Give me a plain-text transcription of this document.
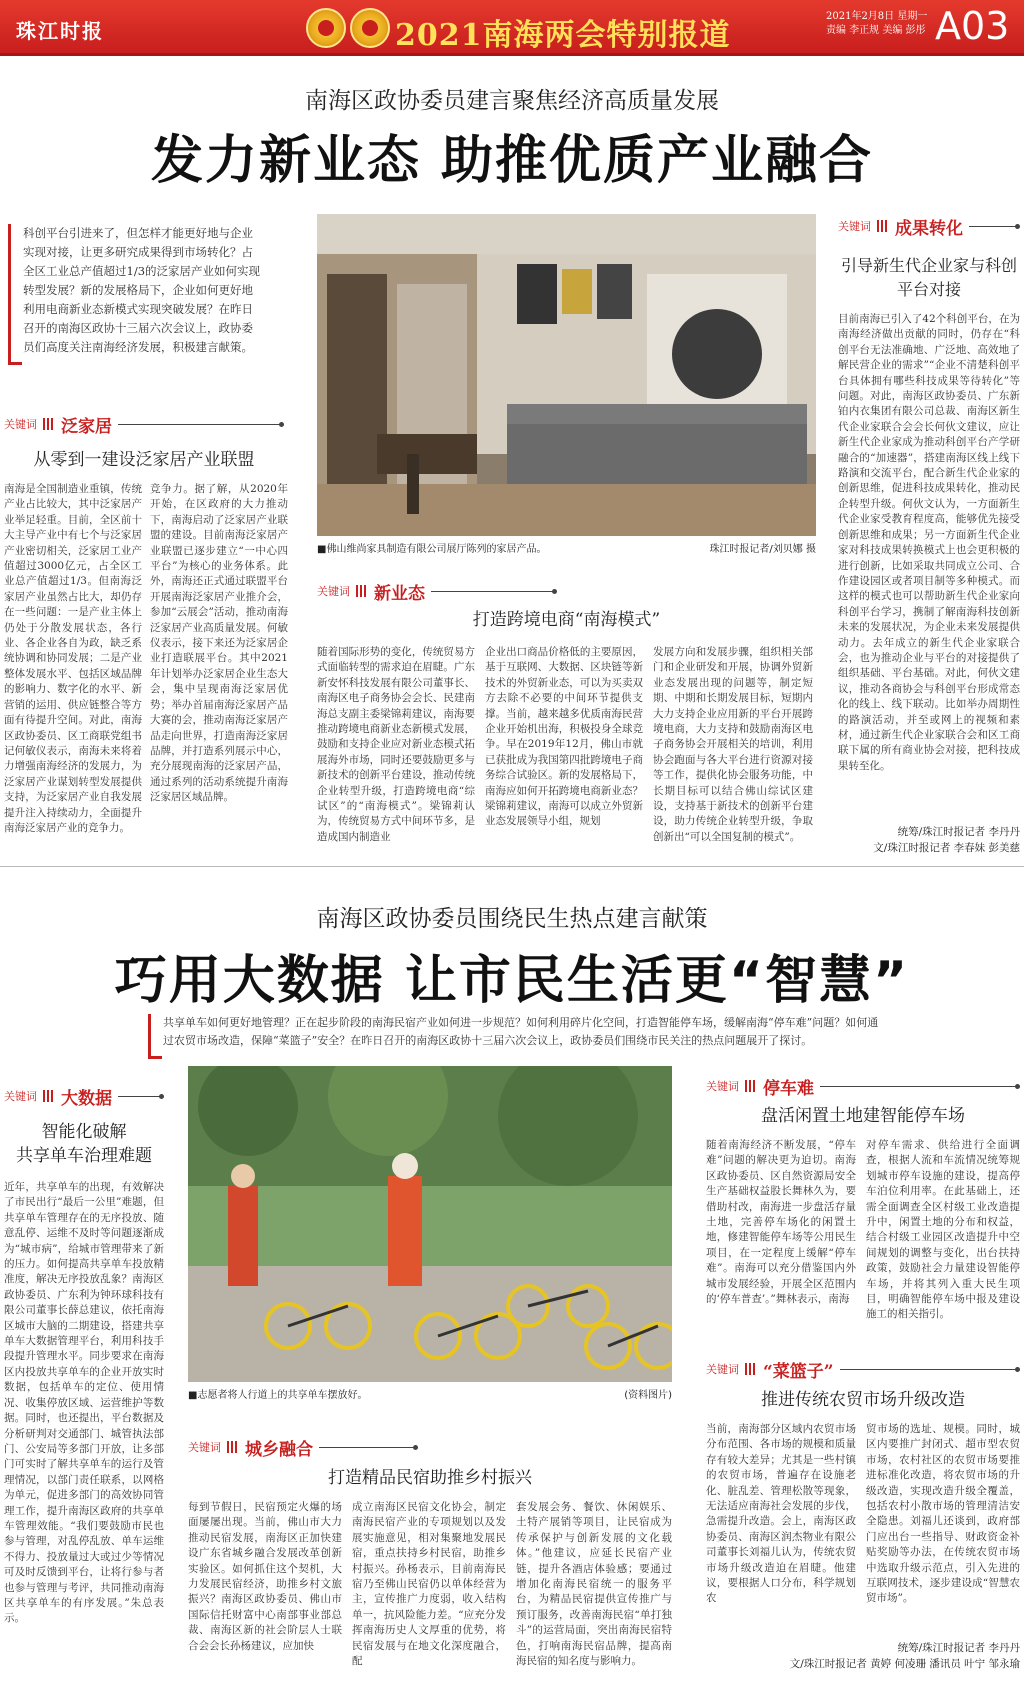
珠江时报	2021南海两会特别报道
2021年2月8日 星期一
责编 李正规 美编 彭彤 A03
南海区政协委员建言聚焦经济高质量发展
发力新业态 助推优质产业融合
科创平台引进来了，但怎样才能更好地与企业实现对接，让更多研究成果得到市场转化？占全区工业总产值超过1/3的泛家居产业如何实现转型发展？新的发展格局下，企业如何更好地利用电商新业态新模式实现突破发展？在昨日召开的南海区政协十三届六次会议上，政协委员们高度关注南海经济发展，积极建言献策。
■佛山维尚家具制造有限公司展厅陈列的家居产品。	珠江时报记者/刘贝娜 摄
关键词 泛家居
从零到一建设泛家居产业联盟
南海是全国制造业重镇，传统产业占比较大，其中泛家居产业举足轻重。目前，全区前十大主导产业中有七个与泛家居产业密切相关，泛家居工业产值超过3000亿元，占全区工业总产值超过1/3。但南海泛家居产业虽然占比大，却仍存在一些问题：一是产业主体上仍处于分散发展状态，各行业、各企业各自为政，缺乏系统协调和协同发展；二是产业整体发展水平、包括区域品牌的影响力、数字化的水平、新营销的运用、供应链整合等方面有待提升空间。对此，南海区政协委员、区工商联党组书记何敏仪表示，南海未来将着力增强南海经济的发展力，为泛家居产业谋划转型发展提供支持，为泛家居产业自我发展提升注入持续动力，全面提升南海泛家居产业的竞争力。
竞争力。据了解，从2020年开始，在区政府的大力推动下，南海启动了泛家居产业联盟的建设。目前南海泛家居产业联盟已逐步建立“一中心四平台”为核心的业务体系。此外，南海还正式通过联盟平台开展南海泛家居产业推介会，参加“云展会”活动，推动南海泛家居产业高质量发展。何敏仪表示，接下来还为泛家居企业打造联展平台。其中2021年计划举办泛家居企业生态大会，集中呈现南海泛家居优势；举办首届南海泛家居产品大赛的会，推动南海泛家居产品走向世界，打造南海泛家居品牌，并打造系列展示中心，充分展现南海的泛家居产品，通过系列的活动系统提升南海泛家居区域品牌。
关键词 新业态
打造跨境电商“南海模式”
随着国际形势的变化，传统贸易方式面临转型的需求迫在眉睫。广东新安怀科技发展有限公司董事长、南海区电子商务协会会长、民建南海总支副主委梁锦莉建议，南海要推动跨境电商新业态新模式发展，鼓励和支持企业应对新业态模式拓展海外市场，同时还要鼓励更多与新技术的创新平台建设，推动传统企业转型升级，打造跨境电商“综试区”的“南海模式”。梁锦莉认为，传统贸易方式中间环节多，是造成国内制造业
企业出口商品价格低的主要原因，基于互联网、大数据、区块链等新技术的外贸新业态，可以为买卖双方去除不必要的中间环节提供支撑。当前，越来越多优质南海民营企业开始机出海，积极投身全球竞争。早在2019年12月，佛山市就已获批成为我国第四批跨境电子商务综合试验区。新的发展格局下，南海应如何开拓跨境电商新业态？梁锦莉建议，南海可以成立外贸新业态发展领导小组，规划
发展方向和发展步骤，组织相关部门和企业研发和开展，协调外贸新业态发展出现的问题等，制定短期、中期和长期发展目标，短期内大力支持企业应用新的平台开展跨境电商，大力支持和鼓励南海区电子商务协会开展相关的培训，利用协会跑面与各大平台进行资源对接等工作，提供化协会服务功能，中长期目标可以结合佛山综试区建设，支持基于新技术的创新平台建设，助力传统企业转型升级，争取创新出“可以全国复制的模式”。
关键词 成果转化
引导新生代企业家与科创平台对接
目前南海已引入了42个科创平台，在为南海经济做出贡献的同时，仍存在“科创平台无法准确地、广泛地、高效地了解民营企业的需求”“企业不清楚科创平台具体拥有哪些科技成果等待转化”等问题。对此，南海区政协委员、广东新铂内衣集团有限公司总裁、南海区新生代企业家联合会会长何伙文建议，应让新生代企业家成为推动科创平台产学研融合的“加速器”，搭建南海区线上线下路演和交流平台，配合新生代企业家的创新思维，促进科技成果转化，推动民企转型升级。何伙文认为，一方面新生代企业家受教育程度高，能够优先接受创新思维和成果；另一方面新生代企业家对科技成果转换模式上也会更积极的进行创新，比如采取共同成立公司、合作建设园区或者项目制等多种模式。而这样的模式也可以帮助新生代企业家向科创平台学习，携制了解南海科技创新未来的发展状况，为企业未来发展提供动力。去年成立的新生代企业家联合会，也为推动企业与平台的对接提供了组织基础、平台基础。对此，何伙文建议，推动各商协会与科创平台形成常态化的线上、线下联动。比如举办周期性的路演活动，并至或网上的视频和素材，通过新生代企业家联合会和区工商联下属的所有商业协会对接，把科技成果转至化。
统筹/珠江时报记者 李丹丹
文/珠江时报记者 李春妹 彭美慈
南海区政协委员围绕民生热点建言献策
巧用大数据 让市民生活更“智慧”
共享单车如何更好地管理？正在起步阶段的南海民宿产业如何进一步规范？如何利用碎片化空间，打造智能停车场，缓解南海“停车难”问题？如何通过农贸市场改造，保障“菜篮子”安全？在昨日召开的南海区政协十三届六次会议上，政协委员们围绕市民关注的热点问题展开了探讨。
■志愿者将人行道上的共享单车摆放好。	(资料图片)
关键词 大数据
智能化破解
共享单车治理难题
近年，共享单车的出现，有效解决了市民出行“最后一公里”难题，但共享单车管理存在的无序投放、随意乱停、运维不及时等问题逐渐成为“城市病”，给城市管理带来了新的压力。如何提高共享单车投放精准度，解决无序投放乱象？南海区政协委员、广东利为钟环球科技有限公司董事长薛总建议，依托南海区城市大脑的二期建设，搭建共享单车大数据管理平台，利用科技手段提升管理水平。同步要求在南海区内投放共享单车的企业开放实时数据，包括单车的定位、使用情况、收集停放区域、运营维护等数据。同时，也还提出，平台数据及分析研判对交通部门、城管执法部门、公安局等多部门开放，让多部门可实时了解共享单车的运行及管理情况，以部门责任联系，以网格为单元，促进多部门的高效协同管理工作，提升南海区政府的共享单车管理效能。“我们要鼓励市民也参与管理，对乱停乱放、单车运维不得力、投放量过大或过少等情况可及时反馈到平台，让将行参与者也参与管理与考评，共同推动南海区共享单车的有序发展。”朱总表示。
关键词 城乡融合
打造精品民宿助推乡村振兴
每到节假日，民宿预定火爆的场面屡屡出现。当前，佛山市大力推动民宿发展，南海区正加快建设广东省城乡融合发展改革创新实验区。如何抓住这个契机，大力发展民宿经济，助推乡村文旅振兴？南海区政协委员、佛山市国际信托财富中心南部事业部总裁、南海区新的社会阶层人士联合会会长孙杨建议，应加快
成立南海区民宿文化协会，制定南海民宿产业的专项规划以及发展实施意见，相对集聚地发展民宿，重点扶持乡村民宿，助推乡村振兴。孙杨表示，目前南海民宿乃至佛山民宿仍以单体经营为主，宣传推广力度弱，收入结构单一，抗风险能力差。“应充分发挥南海历史人文厚重的优势，将民宿发展与在地文化深度融合，配
套发展会务、餐饮、休闲娱乐、土特产展销等项目，让民宿成为传承保护与创新发展的文化载体。”他建议，应延长民宿产业链，提升各酒店体验感；要通过增加化南海民宿统一的服务平台，为精品民宿提供宣传推广与预订服务，改善南海民宿“单打独斗”的运营局面，突出南海民宿特色，打响南海民宿品牌，提高南海民宿的知名度与影响力。
关键词 停车难
盘活闲置土地建智能停车场
随着南海经济不断发展，“停车难”问题的解决更为迫切。南海区政协委员、区自然资源局安全生产基础权益股长舞林久为，要借助村改，南海进一步盘活存量土地，完善停车场化的闲置土地，修建智能停车场等公用民生项目，在一定程度上缓解“停车难”。南海可以充分借鉴国内外城市发展经验，开展全区范围内的‘停车普查’。”舞林表示，南海
对停车需求、供给进行全面调查，根据人流和车流情况统筹规划城市停车设施的建设，提高停车泊位利用率。在此基础上，还需全面调查全区村级工业改造提升中，闲置土地的分布和权益，结合村级工业园区改造提升中空间规划的调整与变化，出台扶持政策，鼓励社会力量建设智能停车场，并将其列入重大民生项目，明确智能停车场中报及建设施工的相关指引。
关键词 “菜篮子”
推进传统农贸市场升级改造
当前，南海部分区域内农贸市场分布范围、各市场的规模和质量存有较大差异；尤其是一些村镇的农贸市场，普遍存在设施老化、脏乱差、管理松散等现象，无法适应南海社会发展的步伐，急需提升改造。会上，南海区政协委员、南海区润杰物业有限公司董事长刘福儿认为，传统农贸市场升级改造迫在眉睫。他建议，要根据人口分布，科学规划农
贸市场的选址、规模。同时，城区内要推广封闭式、超市型农贸市场，农村社区的农贸市场要推进标准化改造，将农贸市场的升级改造，实现改造升级全覆盖，包括农村小散市场的管理清洁安全隐患。刘福儿还谈到，政府部门应出台一些指导、财政资金补贴奖励等办法，在传统农贸市场中选取升级示范点，引入先进的互联网技术，逐步建设成“智慧农贸市场”。
统筹/珠江时报记者 李丹丹
文/珠江时报记者 黄婷 何凌珊 潘讯员 叶宁 邹永瑜
